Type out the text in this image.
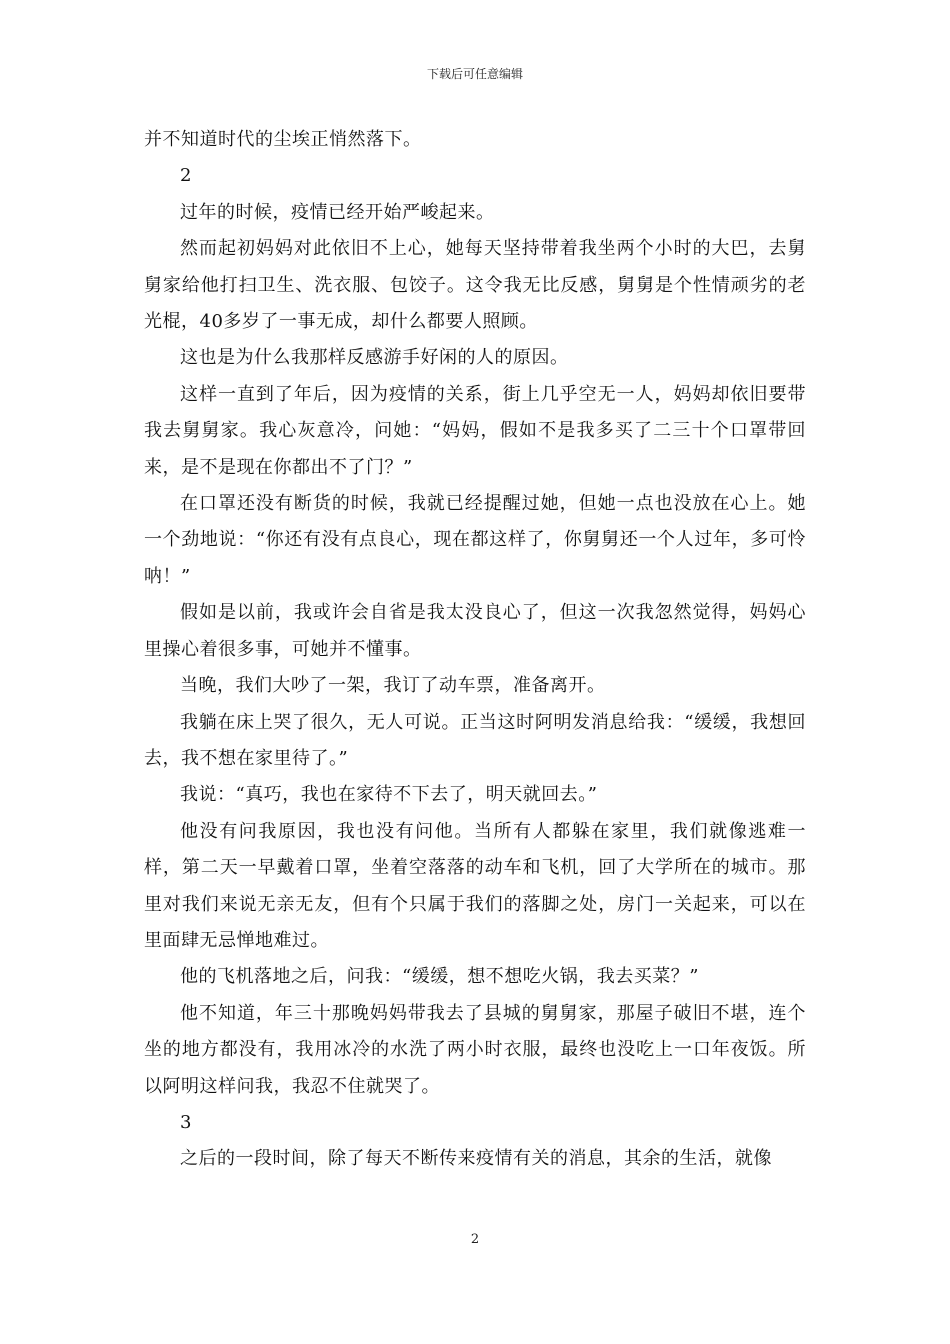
下载后可任意编辑

并不知道时代的尘埃正悄然落下。

2

过年的时候，疫情已经开始严峻起来。

然而起初妈妈对此依旧不上心，她每天坚持带着我坐两个小时的大巴，去舅舅家给他打扫卫生、洗衣服、包饺子。这令我无比反感，舅舅是个性情顽劣的老光棍，40多岁了一事无成，却什么都要人照顾。

这也是为什么我那样反感游手好闲的人的原因。

这样一直到了年后，因为疫情的关系，街上几乎空无一人，妈妈却依旧要带我去舅舅家。我心灰意冷，问她：“妈妈，假如不是我多买了二三十个口罩带回来，是不是现在你都出不了门？”

在口罩还没有断货的时候，我就已经提醒过她，但她一点也没放在心上。她一个劲地说：“你还有没有点良心，现在都这样了，你舅舅还一个人过年，多可怜呐！”

假如是以前，我或许会自省是我太没良心了，但这一次我忽然觉得，妈妈心里操心着很多事，可她并不懂事。

当晚，我们大吵了一架，我订了动车票，准备离开。

我躺在床上哭了很久，无人可说。正当这时阿明发消息给我：“缓缓，我想回去，我不想在家里待了。”

我说：“真巧，我也在家待不下去了，明天就回去。”

他没有问我原因，我也没有问他。当所有人都躲在家里，我们就像逃难一样，第二天一早戴着口罩，坐着空落落的动车和飞机，回了大学所在的城市。那里对我们来说无亲无友，但有个只属于我们的落脚之处，房门一关起来，可以在里面肆无忌惮地难过。

他的飞机落地之后，问我：“缓缓，想不想吃火锅，我去买菜？”

他不知道，年三十那晚妈妈带我去了县城的舅舅家，那屋子破旧不堪，连个坐的地方都没有，我用冰冷的水洗了两小时衣服，最终也没吃上一口年夜饭。所以阿明这样问我，我忍不住就哭了。

3

之后的一段时间，除了每天不断传来疫情有关的消息，其余的生活，就像

2
